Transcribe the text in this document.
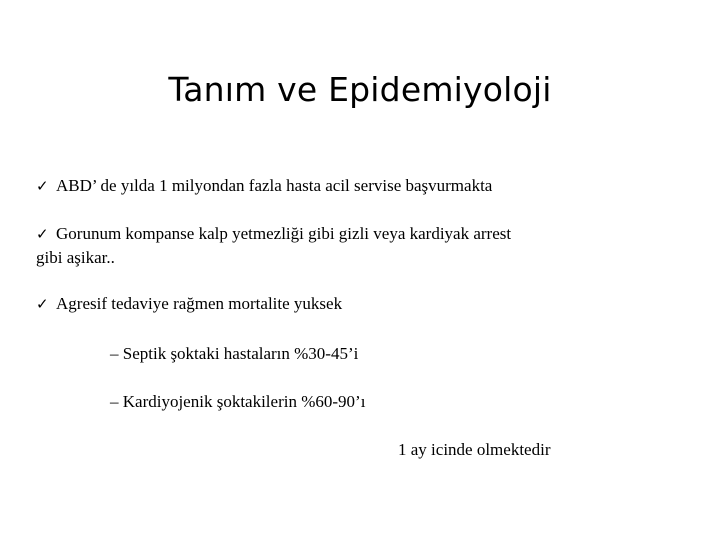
Tanım ve Epidemiyoloji
✓ ABD’ de yılda 1 milyondan fazla hasta acil servise başvurmakta
✓ Gorunum kompanse kalp yetmezliği gibi gizli veya kardiyak arrest
gibi aşikar..
✓ Agresif tedaviye rağmen mortalite yuksek
– Septik şoktaki hastaların %30-45’i
– Kardiyojenik şoktakilerin %60-90’ı
1 ay icinde olmektedir
